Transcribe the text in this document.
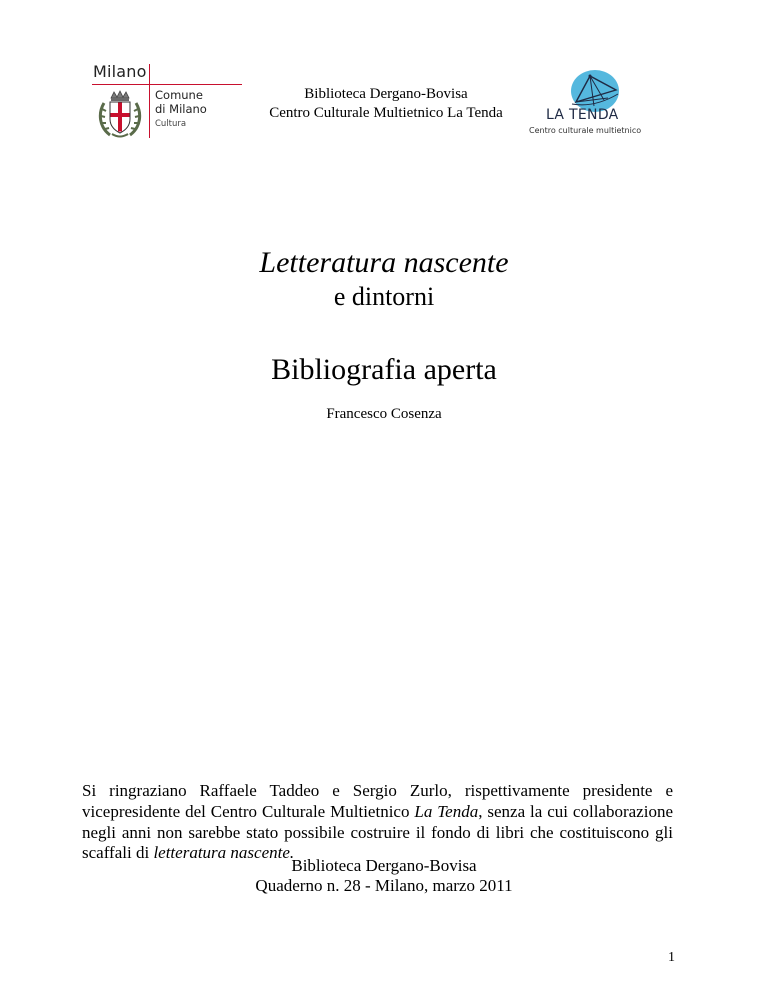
Milano
Comune
di Milano
Cultura
Biblioteca Dergano-Bovisa
Centro Culturale Multietnico La Tenda	LA TENDA
Centro culturale multietnico
Letteratura nascente
e dintorni
Bibliografia aperta
Francesco Cosenza

Si ringraziano Raffaele Taddeo e Sergio Zurlo, rispettivamente presidente e vicepresidente del Centro Culturale Multietnico La Tenda, senza la cui collaborazione negli anni non sarebbe stato possibile costruire il fondo di libri che costituiscono gli scaffali di letteratura nascente.

Biblioteca Dergano-Bovisa
Quaderno n. 28 - Milano, marzo 2011
1
